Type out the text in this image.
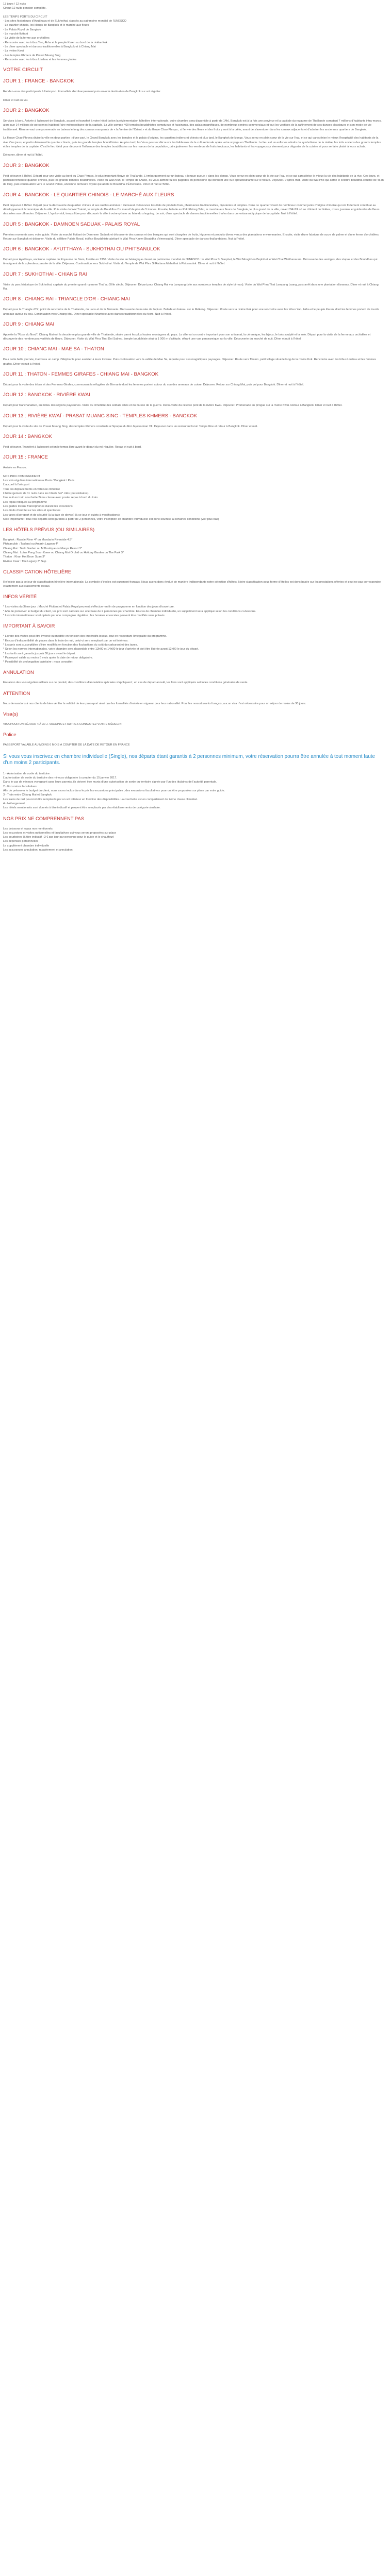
13 jours / 12 nuits
Circuit 12 nuits pension complète.
LES TEMPS FORTS DU CIRCUIT
- Les sites historiques d'Ayutthaya et de Sukhothai, classés au patrimoine mondial de l'UNESCO
- Le quartier chinois, les klongs de Bangkok et le marché aux fleurs
- Le Palais Royal de Bangkok
- Le marché flottant
- La visite de la ferme aux orchidées
- Rencontre avec les tribus Yao, Akha et le peuple Karen au bord de la rivière Kok
- Le dîner spectacle et danses traditionnelles à Bangkok et à Chiang Mai
- La rivière Kwai
- Les temples Khmers de Prasat Muang Sing
- Rencontre avec les tribus Lisshau et les femmes girafes
VOTRE CIRCUIT
JOUR 1 : FRANCE - BANGKOK

Rendez-vous des participants à l'aéroport. Formalités d'embarquement puis envol à destination de Bangkok sur vol régulier.

Dîner et nuit en vol.

JOUR 2 : BANGKOK

Services à bord. Arrivée à l'aéroport de Bangkok, accueil et transfert à votre hôtel (selon la réglementation hôtelière internationale, votre chambre sera disponible à partir de 14h). Bangkok est à la fois une province et la capitale du royaume de Thaïlande comptant 7 millions d'habitants intra-muros, alors que 14 millions de personnes habitent l'aire métropolitaine de la capitale. La ville compte 400 temples bouddhistes somptueux et fascinants, des palais magnifiques, de nombreux centres commerciaux et tout les vestiges de la raffinement de ses danses classiques et son mode de vie traditionnel. Rien ne vaut une promenade en bateau le long des canaux marquants de « la Venise de l'Orient » et du fleuve Chao Phraya ; si l'envie des fleurs et des fruits y sont à la crête, avant de s'aventurer dans les canaux adjacents et d'admirer les anciennes quartiers de Bangkok.

La fleuve Chao Phraya divise la ville en deux parties : d'une part, le Grand Bangkok avec les temples et le palais d'origine, les quartiers indiens et chinois et plus tard, le Bangkok de klongs. Vous serez en plein cœur de la vie sur l'eau et ce qui caractérise le mieux l'hospitalité des habitants de la rive. Ces jours, et particulièrement le quartier chinois, puis les grands temples bouddhistes. Au plus tard, les Vous pourrez découvrir les faiblesses de la culture locale après votre voyage en Thaïlande. Le lieu est un enfin les attraits du symbolisme de la rivière, les toits anciens des grands temples et les temples de la capitale. C'est le lieu idéal pour découvrir l'influence des temples bouddhistes sur les mœurs de la population, principalement les vendeurs de fruits tropicaux, les habitants et les voyageurs y viennent pour déguster de la cuisine et pour se faire plaisir à leurs achats.

Déjeuner, dîner et nuit à l'hôtel.

JOUR 3 : BANGKOK

Petit déjeuner à l'hôtel. Départ pour une visite au bord du Chao Phraya, le plus important fleuve de Thaïlande. L'embarquement sur un bateau « longue queue » dans les klongs. Vous serez en plein cœur de la vie sur l'eau et ce qui caractérise le mieux la vie des habitants de la rive. Ces jours, et particulièrement le quartier chinois, puis les grands temples bouddhistes. Visite du Wat Arun, le Temple de l'Aube, où vous admirerez les pagodes en porcelaine qui donnent une vue époustouflante sur le fleuve. Déjeuner. L'après-midi, visite du Wat Pho qui abrite le célèbre bouddha couché de 46 m de long, puis continuation vers le Grand Palais, ancienne demeure royale qui abrite le Bouddha d'Émeraude. Dîner et nuit à l'hôtel.

JOUR 4 : BANGKOK - LE QUARTIER CHINOIS - LE MARCHÉ AUX FLEURS

Petit déjeuner à l'hôtel. Départ pour la découverte du quartier chinois et ses ruelles animées : Yaowarat. Découvrez les étals de produits frais, pharmacies traditionnelles, bijouteries et temples. Dans ce quartier vivent de nombreux commerçants d'origine chinoise qui ont fortement contribué au développement économique de la ville. Puis visite du Wat Traimit, le temple du Bouddha d'or massif de plus de 5 tonnes. Ensuite, balade au Pak Khlong Talat, le marché aux fleurs de Bangkok, le plus grand de la ville, ouvert 24h/24 où se côtoient orchidées, roses, jasmins et guirlandes de fleurs destinées aux offrandes. Déjeuner. L'après-midi, temps libre pour découvrir la ville à votre rythme ou faire du shopping. Le soir, dîner spectacle de danses traditionnelles thaïes dans un restaurant typique de la capitale. Nuit à l'hôtel.

JOUR 5 : BANGKOK - DAMNOEN SADUAK - PALAIS ROYAL

Premiers moments avec votre guide. Visite du marché flottant de Damnoen Saduak et découverte des canaux et des barques qui sont chargées de fruits, légumes et produits divers venus des plantations environnantes. Ensuite, visite d'une fabrique de sucre de palme et d'une ferme d'orchidées. Retour sur Bangkok et déjeuner. Visite du célèbre Palais Royal, édifice Bouddhiste abritant le Wat Phra Kaew (Bouddha d'émeraude). Dîner spectacle de danses thaïlandaises. Nuit à l'hôtel.

JOUR 6 : BANGKOK - AYUTTHAYA - SUKHOTHAI OU PHITSANULOK

Départ pour Ayutthaya, ancienne capitale du Royaume de Siam, fondée en 1350. Visite du site archéologique classé au patrimoine mondial de l'UNESCO : le Wat Phra Si Sanphet, le Wat Mongkhon Bophit et le Wat Chai Watthanaram. Découverte des vestiges, des stupas et des Bouddhas qui témoignent de la splendeur passée de la ville. Déjeuner. Continuation vers Sukhothai. Visite du Temple de Wat Phra Si Rattana Mahathat à Phitsanulok. Dîner et nuit à l'hôtel.

JOUR 7 : SUKHOTHAI - CHIANG RAI

Visite du parc historique de Sukhothai, capitale du premier grand royaume Thaï au XIIIe siècle. Déjeuner. Départ pour Chiang Rai via Lampang (site aux nombreux temples de style birman). Visite du Wat Phra That Lampang Luang, puis arrêt dans une plantation d'ananas. Dîner et nuit à Chiang Rai.

JOUR 8 : CHIANG RAI - TRIANGLE D'OR - CHIANG MAI

Départ pour le Triangle d'Or, point de rencontre de la Thaïlande, du Laos et de la Birmanie. Découverte du musée de l'opium. Balade en bateau sur le Mékong. Déjeuner. Route vers la rivière Kok pour une rencontre avec les tribus Yao, Akha et le peuple Karen, dont les femmes portent de lourds anneaux autour du cou. Continuation vers Chiang Mai. Dîner spectacle Khantoke avec danses traditionnelles du Nord. Nuit à l'hôtel.

JOUR 9 : CHIANG MAI

Appelée la "Rose du Nord", Chiang Mai est la deuxième plus grande ville de Thaïlande, située parmi les plus hautes montagnes du pays. La ville est un centre important pour son artisanat, la céramique, les bijoux, le bois sculpté et la soie. Départ pour la visite de la ferme aux orchidées et découverte des nombreuses variétés de fleurs. Déjeuner. Visite du Wat Phra That Doi Suthep, temple bouddhiste situé à 1 000 m d'altitude, offrant une vue panoramique sur la ville. Découverte du marché de nuit. Dîner et nuit à l'hôtel.

JOUR 10 : CHIANG MAI - MAE SA - THATON

Pour cette belle journée, il arrivera un camp d'éléphants pour assister à leurs travaux. Puis continuation vers la vallée de Mae Sa, réputée pour ses magnifiques paysages. Déjeuner. Route vers Thaton, petit village situé le long de la rivière Kok. Rencontre avec les tribus Lisshau et les femmes girafes. Dîner et nuit à l'hôtel.

JOUR 11 : THATON - FEMMES GIRAFES - CHIANG MAI - BANGKOK

Départ pour la visite des tribus et des Femmes Girafes, communautés réfugiées de Birmanie dont les femmes portent autour du cou des anneaux de cuivre. Déjeuner. Retour sur Chiang Mai, puis vol pour Bangkok. Dîner et nuit à l'hôtel.

JOUR 12 : BANGKOK - RIVIÈRE KWAI

Départ pour Kanchanaburi, au milieu des régions paysannes. Visite du cimetière des soldats alliés et du musée de la guerre. Découverte du célèbre pont de la rivière Kwai. Déjeuner. Promenade en pirogue sur la rivière Kwai. Retour à Bangkok. Dîner et nuit à l'hôtel.

JOUR 13 : RIVIÈRE KWAÏ - PRASAT MUANG SING - TEMPLES KHMERS - BANGKOK

Départ pour la visite du site de Prasat Muang Sing, des temples Khmers construits à l'époque du Roi Jayavarman VII. Déjeuner dans un restaurant local. Temps libre et retour à Bangkok. Dîner et nuit.

JOUR 14 : BANGKOK

Petit déjeuner. Transfert à l'aéroport selon le temps libre avant le départ du vol régulier. Repas et nuit à bord.

JOUR 15 : FRANCE

Arrivée en France.

NOS PRIX COMPRENNENT
Les vols réguliers internationaux Paris / Bangkok / Paris
L'accueil à l'aéroport
Tous les déplacements en véhicule climatisé
L'hébergement de 11 nuits dans les hôtels 3/4* cités (ou similaires)
Une nuit en train couchette 2ème classe avec poster repas à bord du train
Les repas indiqués au programme
Les guides locaux francophones durant les excursions
Les droits d'entrée sur les sites et spectacles
Les taxes d'aéroport et de sécurité (à la date de devise) (à ce jour et sujets à modifications)
Note importante : tous nos départs sont garantis à partir de 2 personnes, votre inscription en chambre individuelle est donc soumise à certaines conditions (voir plus bas)
LES HÔTELS PRÉVUS (OU SIMILAIRES)
Bangkok : Royale River 4* ou Mandarin Riverside 4.5*
Phitsanulok : Topland ou Amarin Lagoon 4*
Chiang Rai : Teak Garden ou M Boutique ou Manya Resort 3*
Chiang Mai : Lotus Pang Suan Kaew ou Chiang Mai Orchid ou Holiday Garden ou The Park 3*
Thaton : Khan Hot Boon Suan 3*
Rivière Kwaï : The Legacy 3* Sup
CLASSIFICATION HÔTELIÈRE

Il n'existe pas à ce jour de classification hôtelière internationale. La symbole d'étoiles est purement français. Nous avons donc évalué de manière indépendante notre sélection d'hôtels. Notre classification sous forme d'étoiles est donc basée sur les prestations offertes et peut ne pas correspondre exactement aux classements locaux.

INFOS VÉRITÉ
* Les visites du 3ème jour : Marché Flottant et Palais Royal peuvent s'effectuer en fin de programme en fonction des jours d'ouverture.
* Afin de préserver le budget du client, les prix sont calculés sur une base de 2 personnes par chambre. En cas de chambre individuelle, un supplément sera appliqué selon les conditions ci-dessous.
* Les vols internationaux sont opérés par une compagnie régulière ; les horaires et escales peuvent être modifiés sans préavis.
IMPORTANT À SAVOIR
* L'ordre des visites peut être inversé ou modifié en fonction des impératifs locaux, tout en respectant l'intégralité du programme.
* En cas d'indisponibilité de places dans le train de nuit, celui-ci sera remplacé par un vol intérieur.
* Les prix sont susceptibles d'être modifiés en fonction des fluctuations du coût du carburant et des taxes.
* Selon les normes internationales, votre chambre sera disponible entre 12h00 et 14h00 le jour d'arrivée et doit être libérée avant 12h00 le jour du départ.
* Les tarifs sont garantis jusqu'à 30 jours avant le départ.
* Passeport valide au moins 6 mois après la date de retour obligatoire.
* Possibilité de prolongation balnéaire : nous consulter.
ANNULATION

En raison des vols réguliers utilisés sur ce produit, des conditions d'annulation spéciales s'appliquent ; en cas de départ annulé, les frais sont appliqués selon les conditions générales de vente.

ATTENTION

Nous demandons à nos clients de bien vérifier la validité de leur passeport ainsi que les formalités d'entrée en vigueur pour leur nationalité. Pour les ressortissants français, aucun visa n'est nécessaire pour un séjour de moins de 30 jours.

Visa(s)

VISA POUR UN SÉJOUR < À 30 J. VACCINS ET AUTRES CONSULTEZ VOTRE MÉDECIN

Police

PASSEPORT VALABLE AU MOINS 6 MOIS À COMPTER DE LA DATE DE RETOUR EN FRANCE

Si vous vous inscrivez en chambre individuelle (Single), nos départs étant garantis à 2 personnes minimum, votre réservation pourra être annulée à tout moment faute d'un moins 2 participants.
1 - Autorisation de sortie du territoire
L'autorisation de sortie du territoire des mineurs obligatoire à compter du 15 janvier 2017.
Dans le cas de mineurs voyageant sans leurs parents, ils doivent être munis d'une autorisation de sortie du territoire signée par l'un des titulaires de l'autorité parentale.
2 - Excursions facultatives
Afin de préserver le budget du client, nous avons inclus dans le prix les excursions principales ; des excursions facultatives pourront être proposées sur place par votre guide.
3 - Train entre Chiang Mai et Bangkok
Les trains de nuit pourront être remplacés par un vol intérieur en fonction des disponibilités. La couchette est en compartiment de 2ème classe climatisé.
4 - Hébergement
Les hôtels mentionnés sont donnés à titre indicatif et peuvent être remplacés par des établissements de catégorie similaire.
NOS PRIX NE COMPRENNENT PAS
Les boissons et repas non mentionnés
Les excursions et visites optionnelles et facultatives qui vous seront proposées sur place
Les pourboires (à titre indicatif : 3 € par jour par personne pour le guide et le chauffeur)
Les dépenses personnelles
Le supplément chambre individuelle
Les assurances annulation, rapatriement et annulation
